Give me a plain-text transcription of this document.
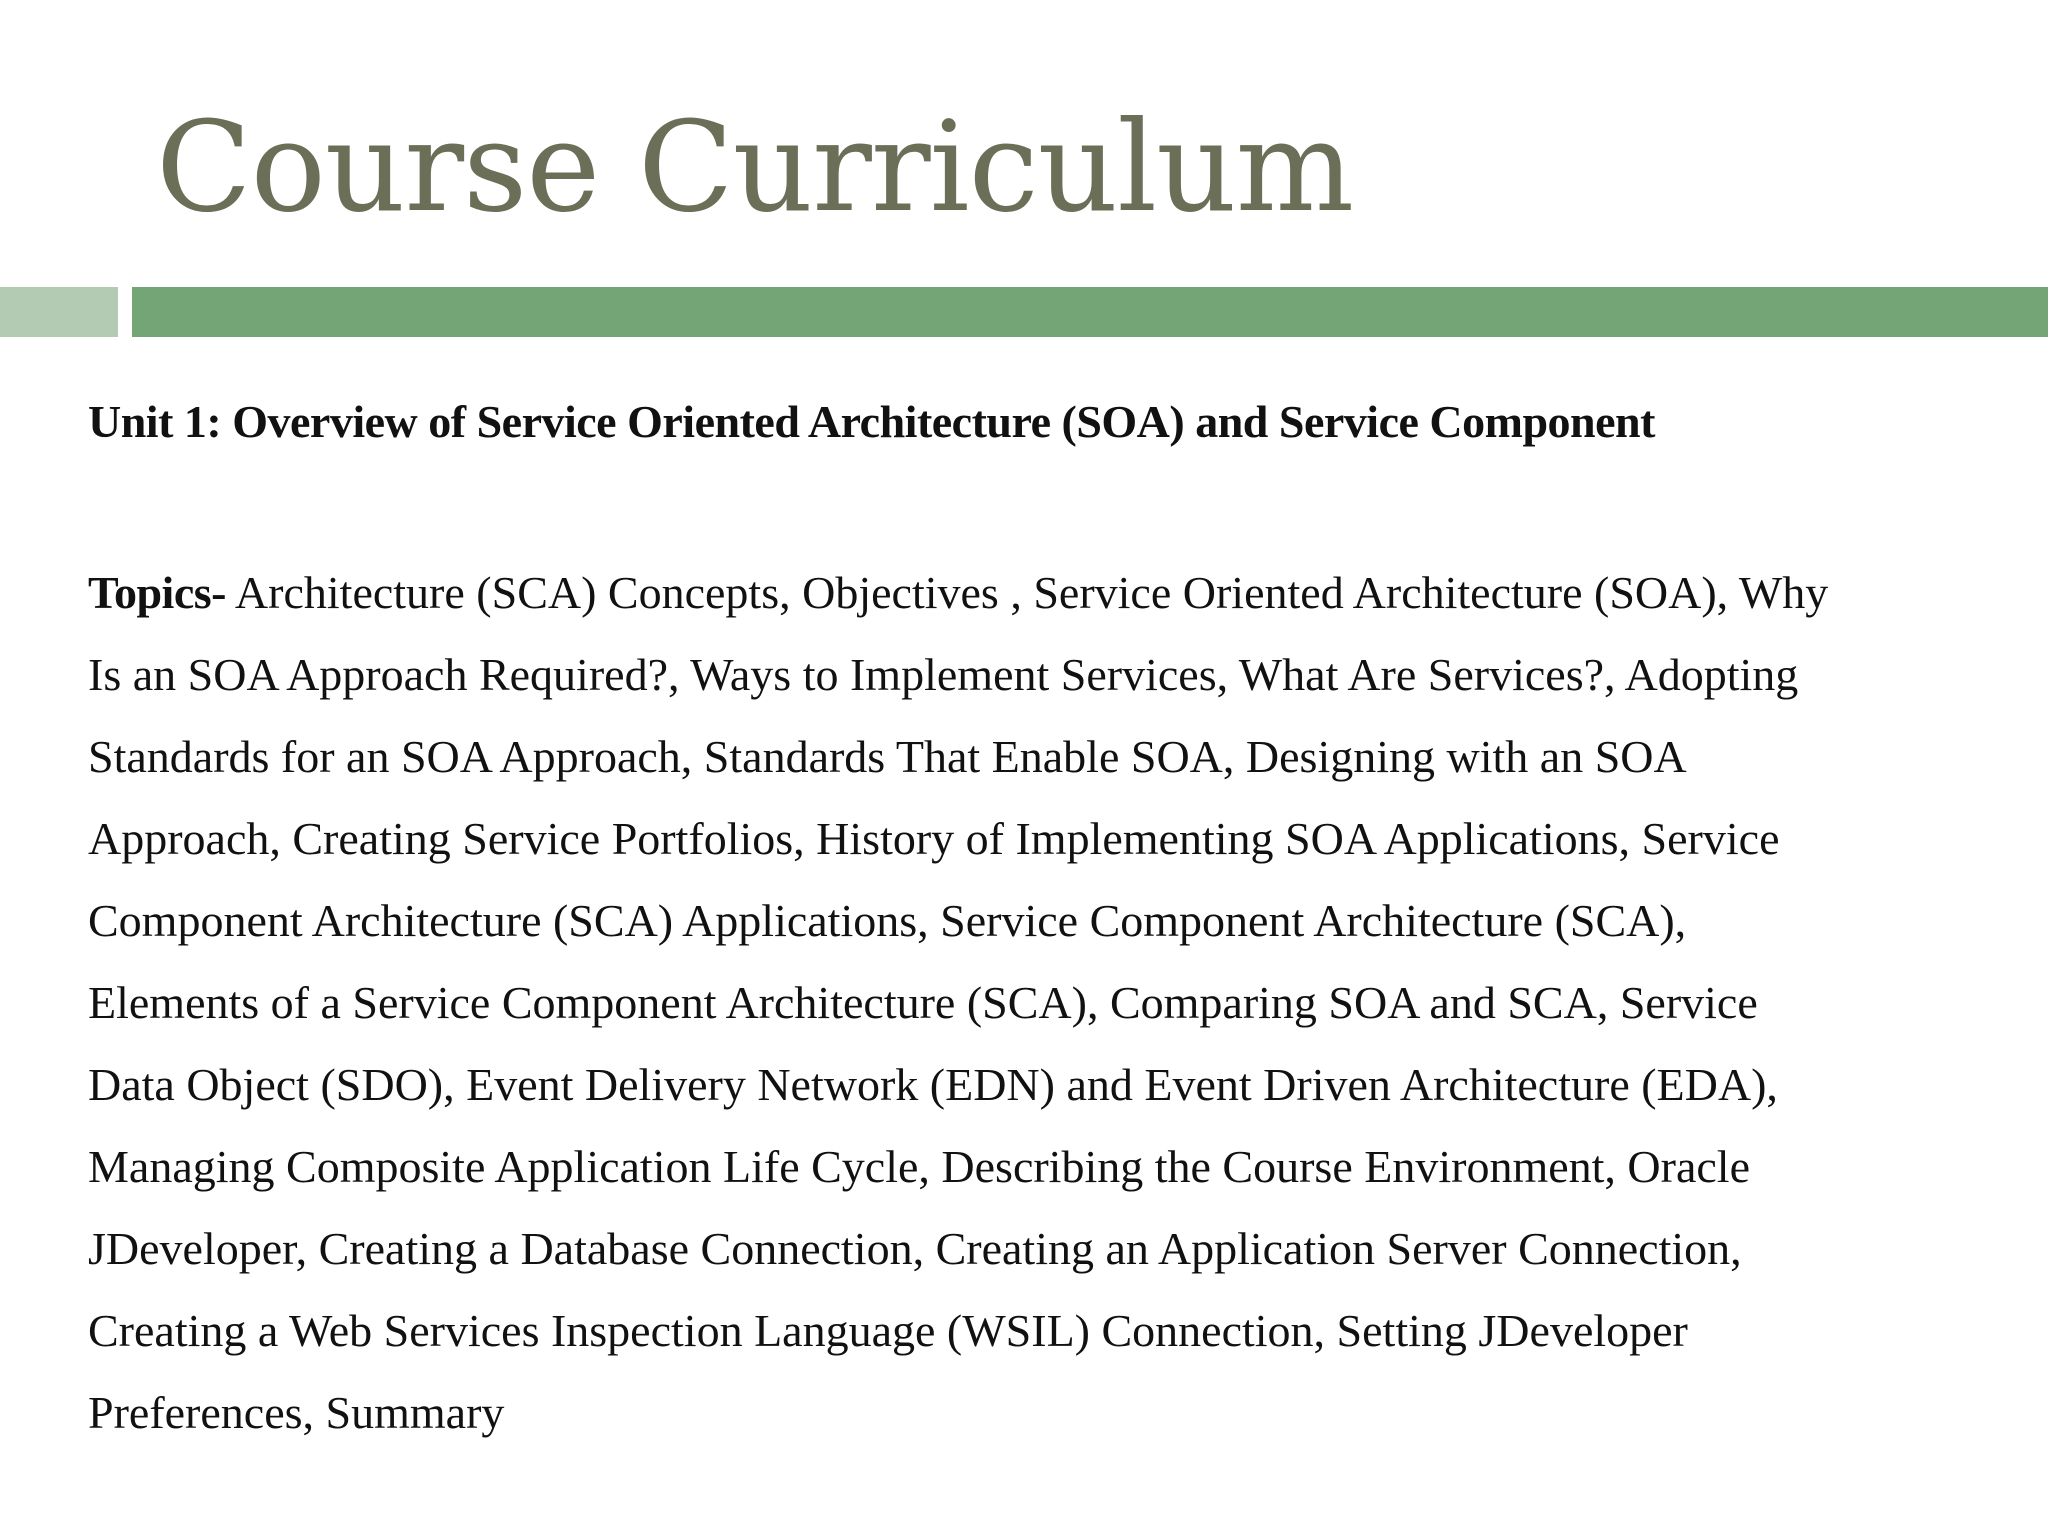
Course Curriculum
Unit 1: Overview of Service Oriented Architecture (SOA) and Service Component
Topics- Architecture (SCA) Concepts, Objectives , Service Oriented Architecture (SOA), Why
Is an SOA Approach Required?, Ways to Implement Services, What Are Services?, Adopting
Standards for an SOA Approach, Standards That Enable SOA, Designing with an SOA
Approach, Creating Service Portfolios, History of Implementing SOA Applications, Service
Component Architecture (SCA) Applications, Service Component Architecture (SCA),
Elements of a Service Component Architecture (SCA), Comparing SOA and SCA, Service
Data Object (SDO), Event Delivery Network (EDN) and Event Driven Architecture (EDA),
Managing Composite Application Life Cycle, Describing the Course Environment, Oracle
JDeveloper, Creating a Database Connection, Creating an Application Server Connection,
Creating a Web Services Inspection Language (WSIL) Connection, Setting JDeveloper
Preferences, Summary
